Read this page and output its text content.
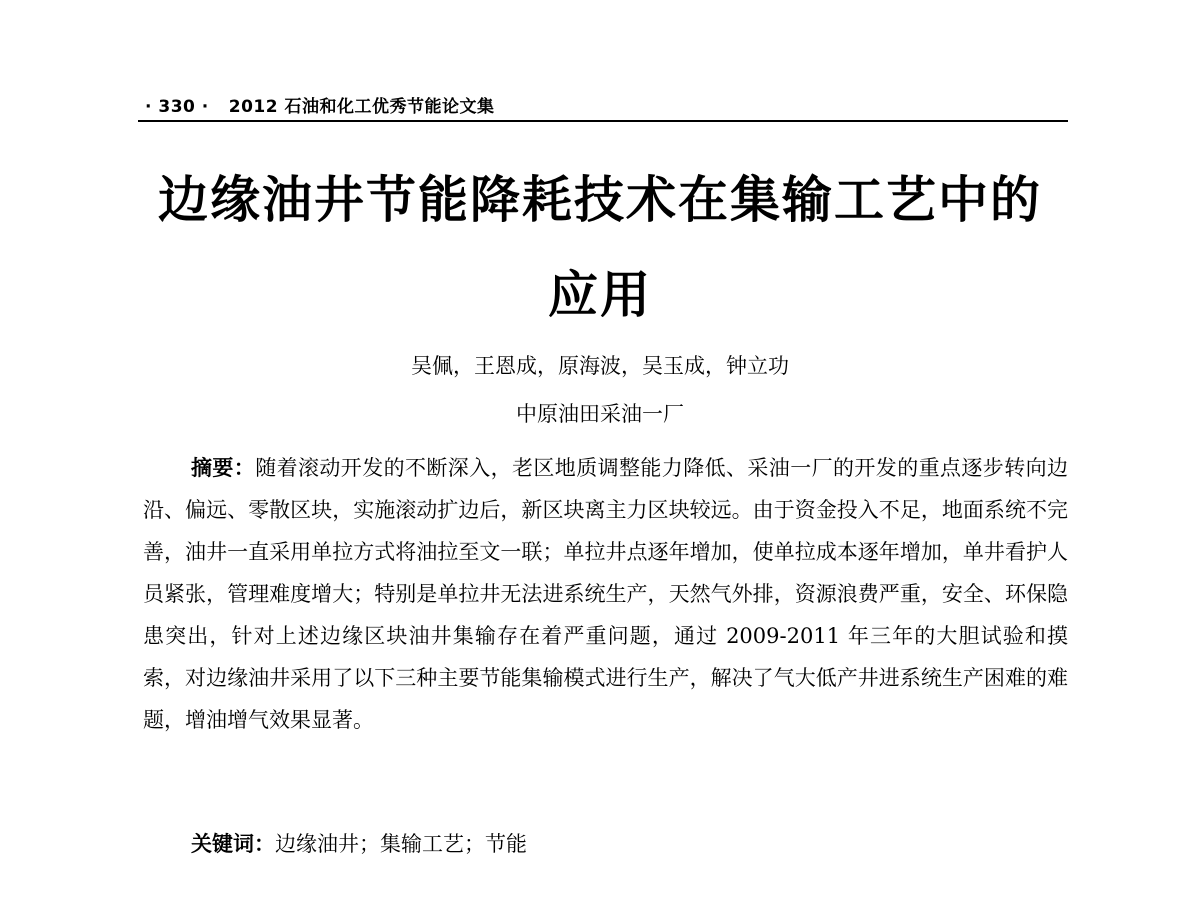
· 330 · 2012 石油和化工优秀节能论文集
边缘油井节能降耗技术在集输工艺中的
应用
吴佩，王恩成，原海波，吴玉成，钟立功
中原油田采油一厂

摘要：随着滚动开发的不断深入，老区地质调整能力降低、采油一厂的开发的重点逐步转向边沿、偏远、零散区块，实施滚动扩边后，新区块离主力区块较远。由于资金投入不足，地面系统不完善，油井一直采用单拉方式将油拉至文一联；单拉井点逐年增加，使单拉成本逐年增加，单井看护人员紧张，管理难度增大；特别是单拉井无法进系统生产，天然气外排，资源浪费严重，安全、环保隐患突出，针对上述边缘区块油井集输存在着严重问题，通过 2009-2011 年三年的大胆试验和摸索，对边缘油井采用了以下三种主要节能集输模式进行生产，解决了气大低产井进系统生产困难的难题，增油增气效果显著。

关键词：边缘油井；集输工艺；节能
